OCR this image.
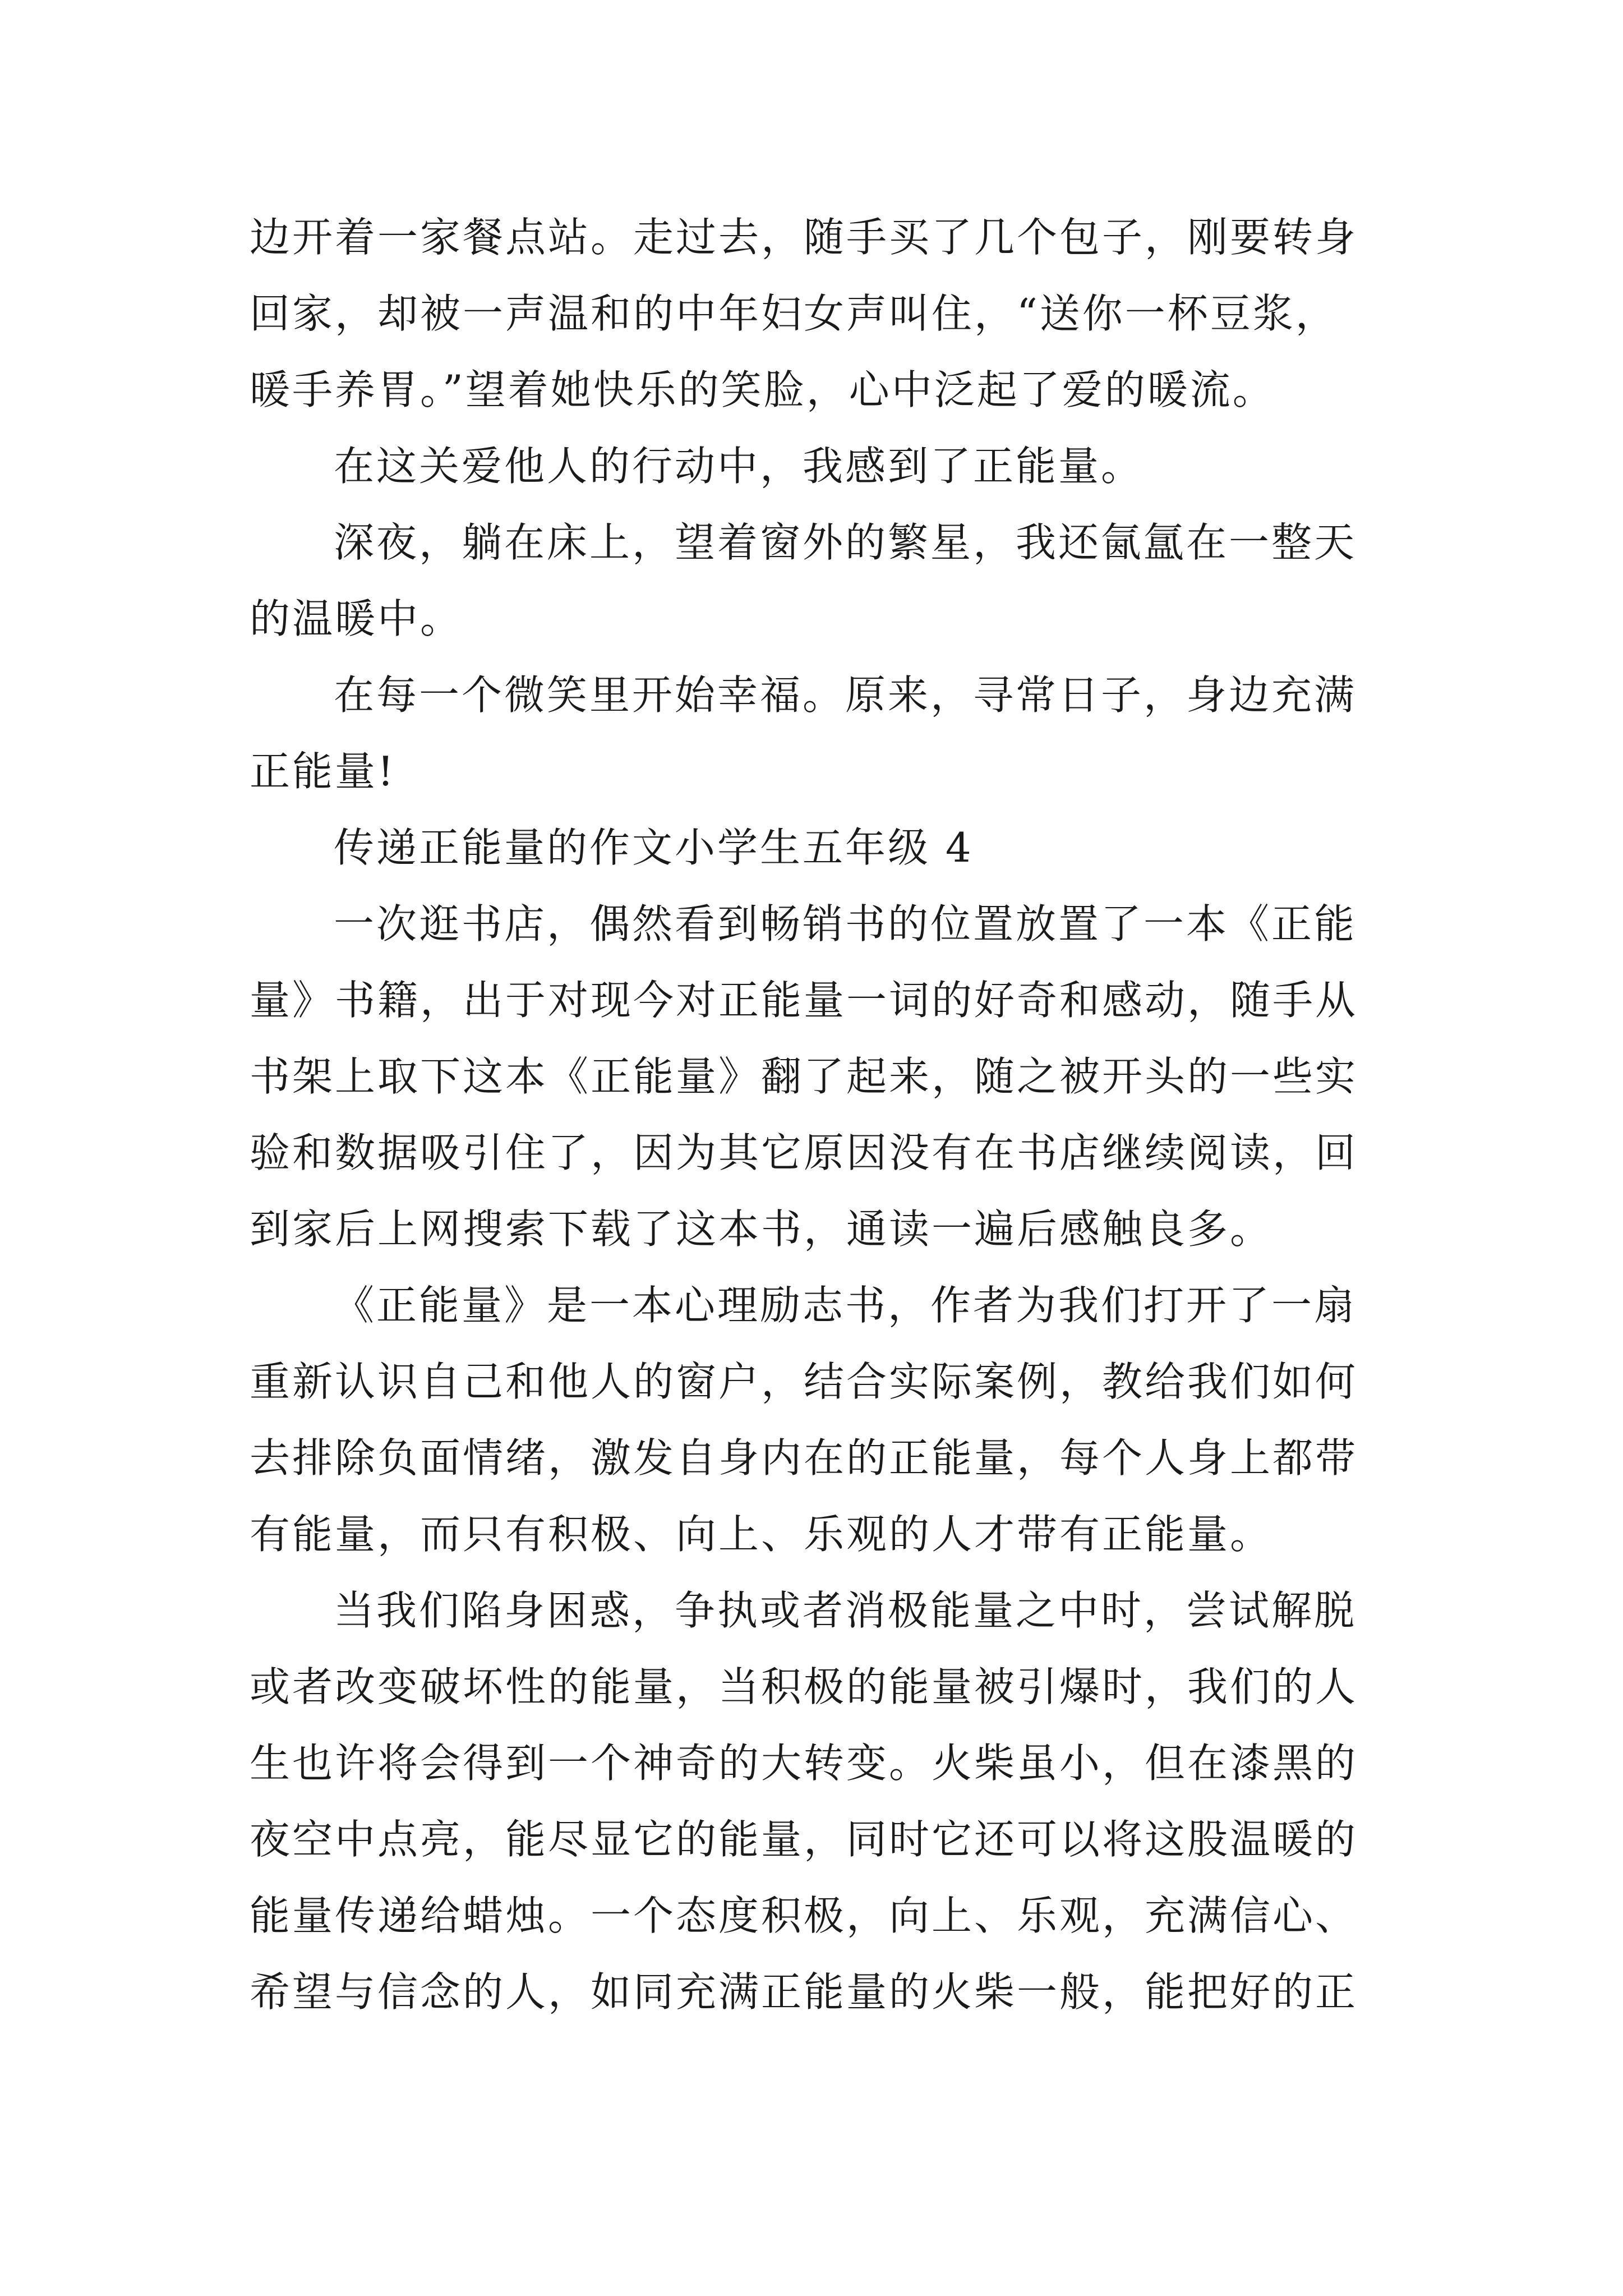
边开着一家餐点站。走过去，随手买了几个包子，刚要转身
回家，却被一声温和的中年妇女声叫住，“送你一杯豆浆，
暖手养胃。”望着她快乐的笑脸，心中泛起了爱的暖流。
在这关爱他人的行动中，我感到了正能量。
深夜，躺在床上，望着窗外的繁星，我还氤氲在一整天
的温暖中。
在每一个微笑里开始幸福。原来，寻常日子，身边充满
正能量!
传递正能量的作文小学生五年级 4
一次逛书店，偶然看到畅销书的位置放置了一本《正能
量》书籍，出于对现今对正能量一词的好奇和感动，随手从
书架上取下这本《正能量》翻了起来，随之被开头的一些实
验和数据吸引住了，因为其它原因没有在书店继续阅读，回
到家后上网搜索下载了这本书，通读一遍后感触良多。
《正能量》是一本心理励志书，作者为我们打开了一扇
重新认识自己和他人的窗户，结合实际案例，教给我们如何
去排除负面情绪，激发自身内在的正能量，每个人身上都带
有能量，而只有积极、向上、乐观的人才带有正能量。
当我们陷身困惑，争执或者消极能量之中时，尝试解脱
或者改变破坏性的能量，当积极的能量被引爆时，我们的人
生也许将会得到一个神奇的大转变。火柴虽小，但在漆黑的
夜空中点亮，能尽显它的能量，同时它还可以将这股温暖的
能量传递给蜡烛。一个态度积极，向上、乐观，充满信心、
希望与信念的人，如同充满正能量的火柴一般，能把好的正
